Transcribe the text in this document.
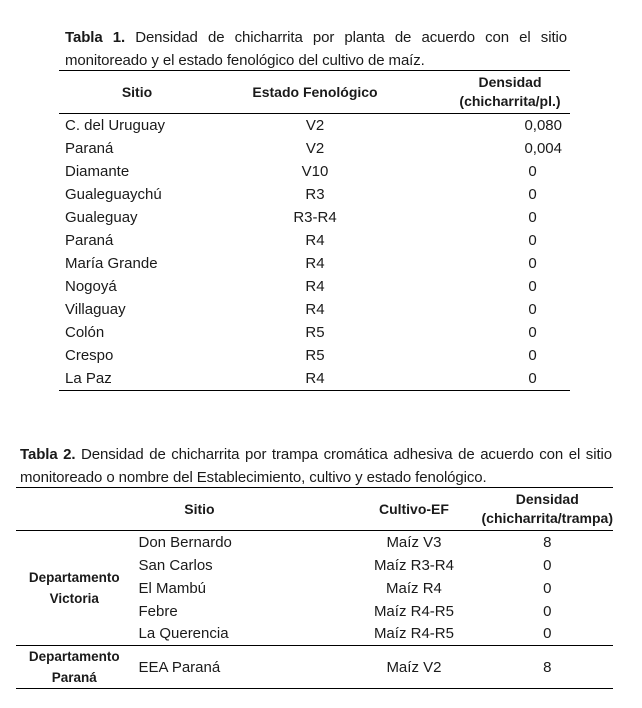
Tabla 1. Densidad de chicharrita por planta de acuerdo con el sitio monitoreado y el estado fenológico del cultivo de maíz.

Sitio	Estado Fenológico	Densidad
(chicharrita/pl.)

C. del Uruguay	V2	0,080
Paraná	V2	0,004
Diamante	V10	0
Gualeguaychú	R3	0
Gualeguay	R3-R4	0
Paraná	R4	0
María Grande	R4	0
Nogoyá	R4	0
Villaguay	R4	0
Colón	R5	0
Crespo	R5	0
La Paz	R4	0

Tabla 2. Densidad de chicharrita por trampa cromática adhesiva de acuerdo con el sitio monitoreado o nombre del Establecimiento, cultivo y estado fenológico.

	Sitio	Cultivo-EF	Densidad
(chicharrita/trampa)

Departamento
Victoria	Don Bernardo	Maíz V3	8
	San Carlos	Maíz R3-R4	0
	El Mambú	Maíz R4	0
	Febre	Maíz R4-R5	0
	La Querencia	Maíz R4-R5	0

Departamento
Paraná	EEA Paraná	Maíz V2	8
